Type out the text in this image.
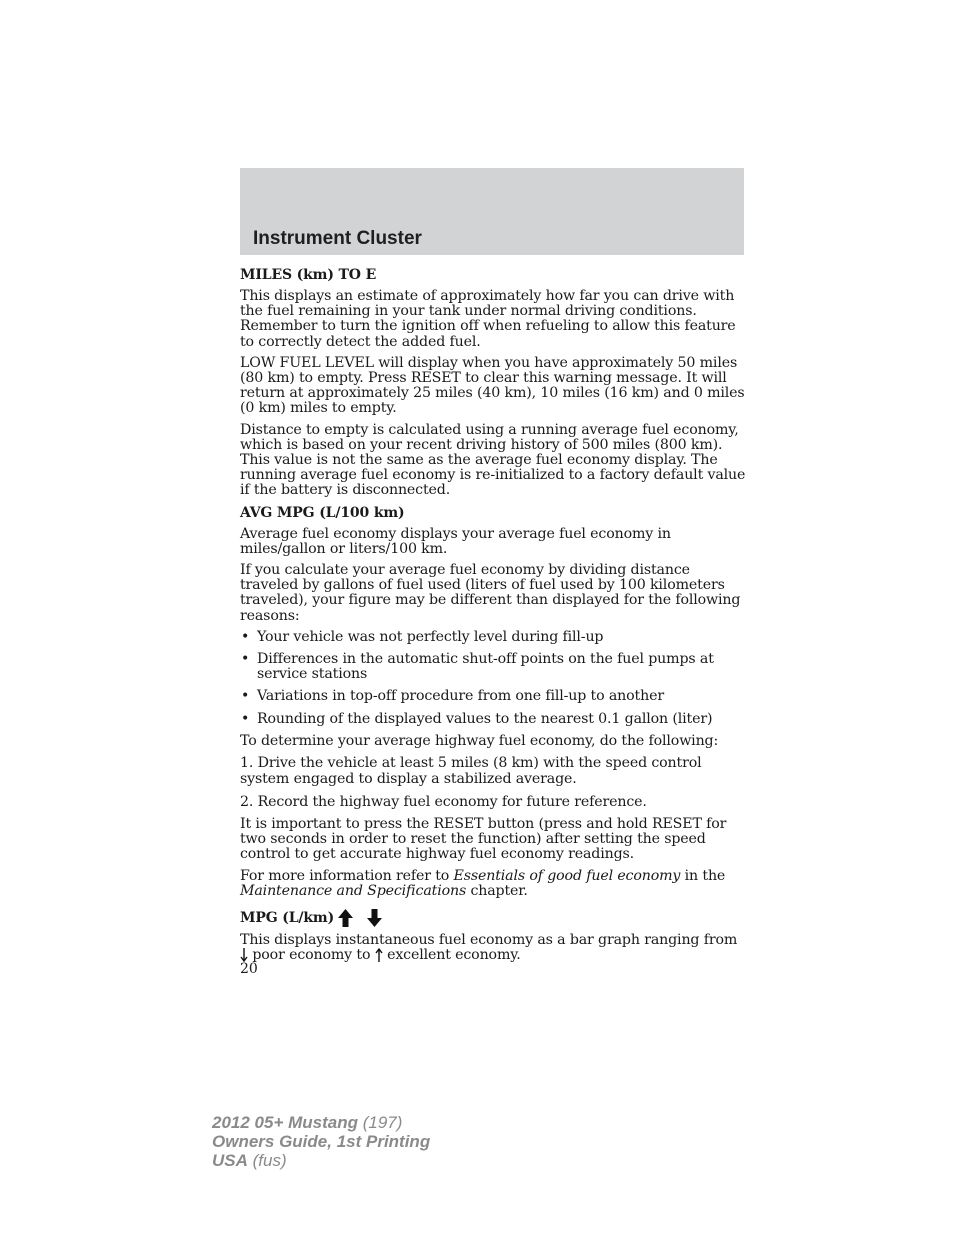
Instrument Cluster
MILES (km) TO E

This displays an estimate of approximately how far you can drive with the fuel remaining in your tank under normal driving conditions. Remember to turn the ignition off when refueling to allow this feature to correctly detect the added fuel.

LOW FUEL LEVEL will display when you have approximately 50 miles (80 km) to empty. Press RESET to clear this warning message. It will return at approximately 25 miles (40 km), 10 miles (16 km) and 0 miles (0 km) miles to empty.

Distance to empty is calculated using a running average fuel economy, which is based on your recent driving history of 500 miles (800 km). This value is not the same as the average fuel economy display. The running average fuel economy is re-initialized to a factory default value if the battery is disconnected.

AVG MPG (L/100 km)

Average fuel economy displays your average fuel economy in miles/gallon or liters/100 km.

If you calculate your average fuel economy by dividing distance traveled by gallons of fuel used (liters of fuel used by 100 kilometers traveled), your figure may be different than displayed for the following reasons:

• Your vehicle was not perfectly level during fill-up
• Differences in the automatic shut-off points on the fuel pumps at service stations
• Variations in top-off procedure from one fill-up to another
• Rounding of the displayed values to the nearest 0.1 gallon (liter)

To determine your average highway fuel economy, do the following:

1. Drive the vehicle at least 5 miles (8 km) with the speed control system engaged to display a stabilized average.

2. Record the highway fuel economy for future reference.

It is important to press the RESET button (press and hold RESET for two seconds in order to reset the function) after setting the speed control to get accurate highway fuel economy readings.

For more information refer to Essentials of good fuel economy in the Maintenance and Specifications chapter.

MPG (L/km)

This displays instantaneous fuel economy as a bar graph ranging from  poor economy to  excellent economy.

20
2012 05+ Mustang (197)
Owners Guide, 1st Printing
USA (fus)
